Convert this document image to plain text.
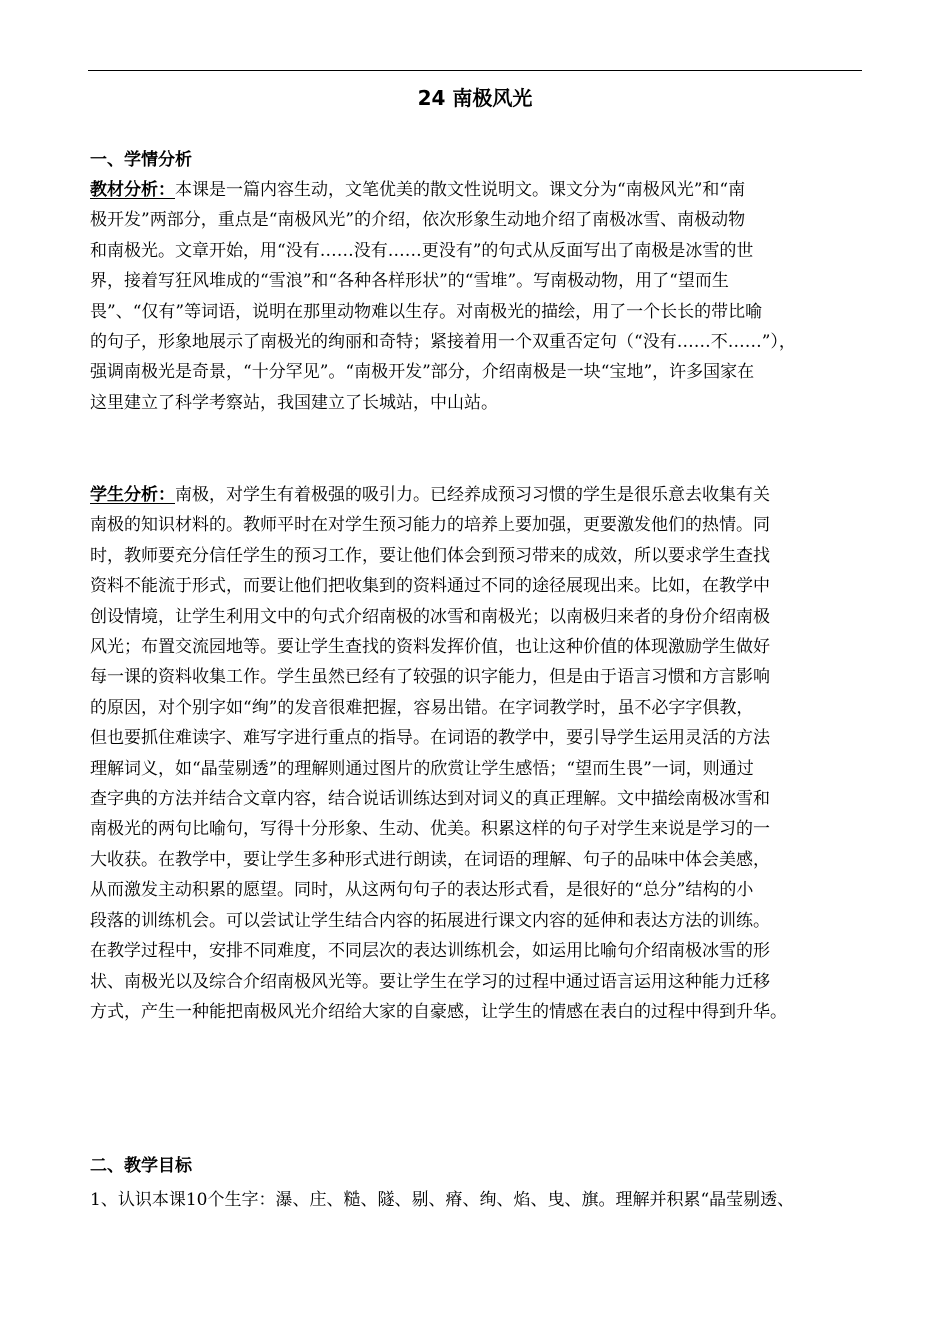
24 南极风光
一、学情分析
教材分析：本课是一篇内容生动，文笔优美的散文性说明文。课文分为“南极风光”和“南
极开发”两部分，重点是“南极风光”的介绍，依次形象生动地介绍了南极冰雪、南极动物
和南极光。文章开始，用“没有……没有……更没有”的句式从反面写出了南极是冰雪的世
界，接着写狂风堆成的“雪浪”和“各种各样形状”的“雪堆”。写南极动物，用了“望而生
畏”、“仅有”等词语，说明在那里动物难以生存。对南极光的描绘，用了一个长长的带比喻
的句子，形象地展示了南极光的绚丽和奇特；紧接着用一个双重否定句（“没有……不……”），
强调南极光是奇景，“十分罕见”。“南极开发”部分，介绍南极是一块“宝地”，许多国家在
这里建立了科学考察站，我国建立了长城站，中山站。
学生分析：南极，对学生有着极强的吸引力。已经养成预习习惯的学生是很乐意去收集有关
南极的知识材料的。教师平时在对学生预习能力的培养上要加强，更要激发他们的热情。同
时，教师要充分信任学生的预习工作，要让他们体会到预习带来的成效，所以要求学生查找
资料不能流于形式，而要让他们把收集到的资料通过不同的途径展现出来。比如，在教学中
创设情境，让学生利用文中的句式介绍南极的冰雪和南极光；以南极归来者的身份介绍南极
风光；布置交流园地等。要让学生查找的资料发挥价值，也让这种价值的体现激励学生做好
每一课的资料收集工作。学生虽然已经有了较强的识字能力，但是由于语言习惯和方言影响
的原因，对个别字如“绚”的发音很难把握，容易出错。在字词教学时，虽不必字字俱教，
但也要抓住难读字、难写字进行重点的指导。在词语的教学中，要引导学生运用灵活的方法
理解词义，如“晶莹剔透”的理解则通过图片的欣赏让学生感悟；“望而生畏”一词，则通过
查字典的方法并结合文章内容，结合说话训练达到对词义的真正理解。文中描绘南极冰雪和
南极光的两句比喻句，写得十分形象、生动、优美。积累这样的句子对学生来说是学习的一
大收获。在教学中，要让学生多种形式进行朗读，在词语的理解、句子的品味中体会美感，
从而激发主动积累的愿望。同时，从这两句句子的表达形式看，是很好的“总分”结构的小
段落的训练机会。可以尝试让学生结合内容的拓展进行课文内容的延伸和表达方法的训练。
在教学过程中，安排不同难度，不同层次的表达训练机会，如运用比喻句介绍南极冰雪的形
状、南极光以及综合介绍南极风光等。要让学生在学习的过程中通过语言运用这种能力迁移
方式，产生一种能把南极风光介绍给大家的自豪感，让学生的情感在表白的过程中得到升华。
二、教学目标
1、认识本课10个生字：瀑、庄、糙、隧、剔、瘠、绚、焰、曳、旗。理解并积累“晶莹剔透、
